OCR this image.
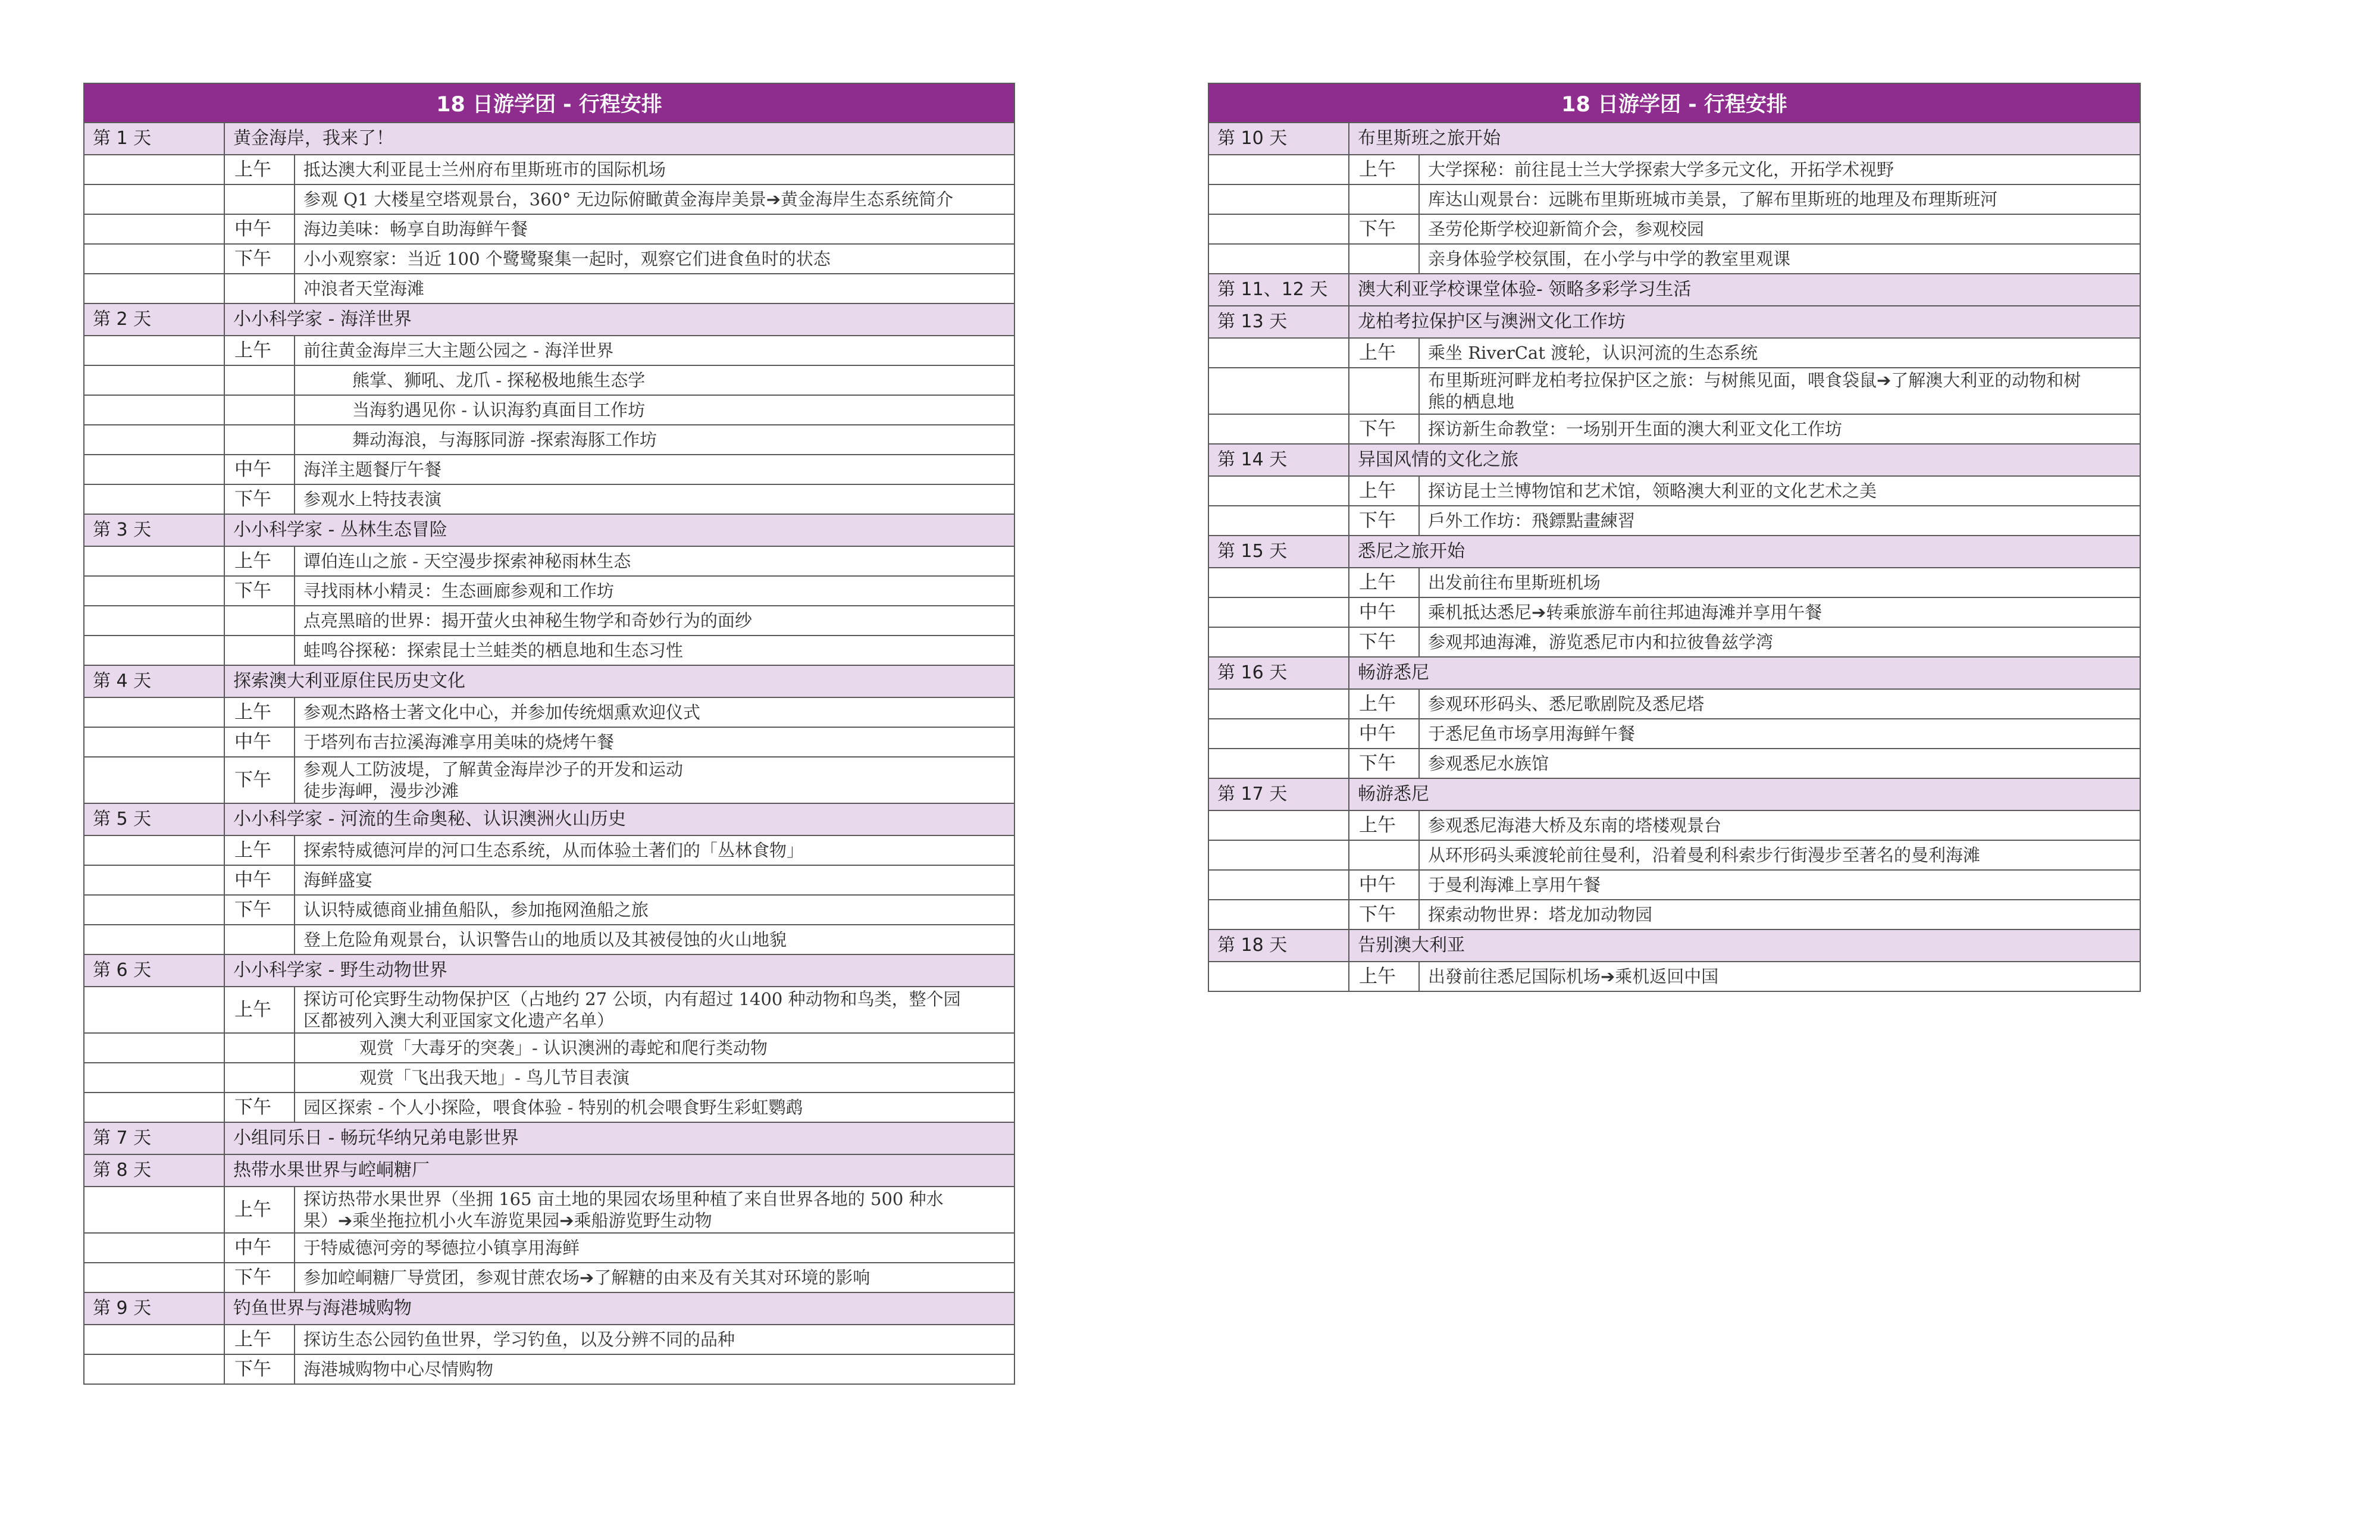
18 日游学团 - 行程安排		
第 1 天	黄金海岸，我来了！	
	上午	抵达澳大利亚昆士兰州府布里斯班市的国际机场
		参观 Q1 大楼星空塔观景台，360° 无边际俯瞰黄金海岸美景➔黄金海岸生态系统简介
	中午	海边美味：畅享自助海鲜午餐
	下午	小小观察家：当近 100 个鹭鹭聚集一起时，观察它们进食鱼时的状态
		冲浪者天堂海滩
第 2 天	小小科学家 - 海洋世界	
	上午	前往黄金海岸三大主题公园之 - 海洋世界
		熊掌、狮吼、龙爪 - 探秘极地熊生态学
		当海豹遇见你 - 认识海豹真面目工作坊
		舞动海浪，与海豚同游 -探索海豚工作坊
	中午	海洋主题餐厅午餐
	下午	参观水上特技表演
第 3 天	小小科学家 - 丛林生态冒险	
	上午	谭伯连山之旅 - 天空漫步探索神秘雨林生态
	下午	寻找雨林小精灵：生态画廊参观和工作坊
		点亮黑暗的世界：揭开萤火虫神秘生物学和奇妙行为的面纱
		蛙鸣谷探秘：探索昆士兰蛙类的栖息地和生态习性
第 4 天	探索澳大利亚原住民历史文化	
	上午	参观杰路格士著文化中心，并参加传统烟熏欢迎仪式
	中午	于塔列布吉拉溪海滩享用美味的烧烤午餐
	下午	参观人工防波堤，了解黄金海岸沙子的开发和运动
徒步海岬，漫步沙滩

第 5 天	小小科学家 - 河流的生命奥秘、认识澳洲火山历史	
	上午	探索特威德河岸的河口生态系统，从而体验土著们的「丛林食物」
	中午	海鲜盛宴
	下午	认识特威德商业捕鱼船队，参加拖网渔船之旅
		登上危险角观景台，认识警告山的地质以及其被侵蚀的火山地貌
第 6 天	小小科学家 - 野生动物世界	
	上午	探访可伦宾野生动物保护区（占地约 27 公顷，内有超过 1400 种动物和鸟类，整个园
区都被列入澳大利亚国家文化遗产名单）

		观赏「大毒牙的突袭」- 认识澳洲的毒蛇和爬行类动物
		观赏「飞出我天地」- 鸟儿节目表演
	下午	园区探索 - 个人小探险，喂食体验 - 特别的机会喂食野生彩虹鹦鹉
第 7 天	小组同乐日 - 畅玩华纳兄弟电影世界	
第 8 天	热带水果世界与崆峒糖厂	
	上午	探访热带水果世界（坐拥 165 亩土地的果园农场里种植了来自世界各地的 500 种水
果）➔乘坐拖拉机小火车游览果园➔乘船游览野生动物

	中午	于特威德河旁的琴德拉小镇享用海鲜
	下午	参加崆峒糖厂导赏团，参观甘蔗农场➔了解糖的由来及有关其对环境的影响
第 9 天	钓鱼世界与海港城购物	
	上午	探访生态公园钓鱼世界，学习钓鱼，以及分辨不同的品种
	下午	海港城购物中心尽情购物
18 日游学团 - 行程安排		
第 10 天	布里斯班之旅开始	
	上午	大学探秘：前往昆士兰大学探索大学多元文化，开拓学术视野
		库达山观景台：远眺布里斯班城市美景，了解布里斯班的地理及布理斯班河
	下午	圣劳伦斯学校迎新简介会，参观校园
		亲身体验学校氛围，在小学与中学的教室里观课
第 11、12 天	澳大利亚学校课堂体验- 领略多彩学习生活	
第 13 天	龙柏考拉保护区与澳洲文化工作坊	
	上午	乘坐 RiverCat 渡轮，认识河流的生态系统

		布里斯班河畔龙柏考拉保护区之旅：与树熊见面，喂食袋鼠➔了解澳大利亚的动物和树
熊的栖息地

	下午	探访新生命教堂：一场别开生面的澳大利亚文化工作坊
第 14 天	异国风情的文化之旅	
	上午	探访昆士兰博物馆和艺术馆，领略澳大利亚的文化艺术之美
	下午	戶外工作坊：飛鏢點畫練習
第 15 天	悉尼之旅开始	
	上午	出发前往布里斯班机场
	中午	乘机抵达悉尼➔转乘旅游车前往邦迪海滩并享用午餐
	下午	参观邦迪海滩，游览悉尼市内和拉彼鲁兹学湾
第 16 天	畅游悉尼	
	上午	参观环形码头、悉尼歌剧院及悉尼塔
	中午	于悉尼鱼市场享用海鲜午餐
	下午	参观悉尼水族馆
第 17 天	畅游悉尼	
	上午	参观悉尼海港大桥及东南的塔楼观景台
		从环形码头乘渡轮前往曼利，沿着曼利科索步行街漫步至著名的曼利海滩
	中午	于曼利海滩上享用午餐
	下午	探索动物世界：塔龙加动物园
第 18 天	告别澳大利亚	
	上午	出發前往悉尼国际机场➔乘机返回中国
